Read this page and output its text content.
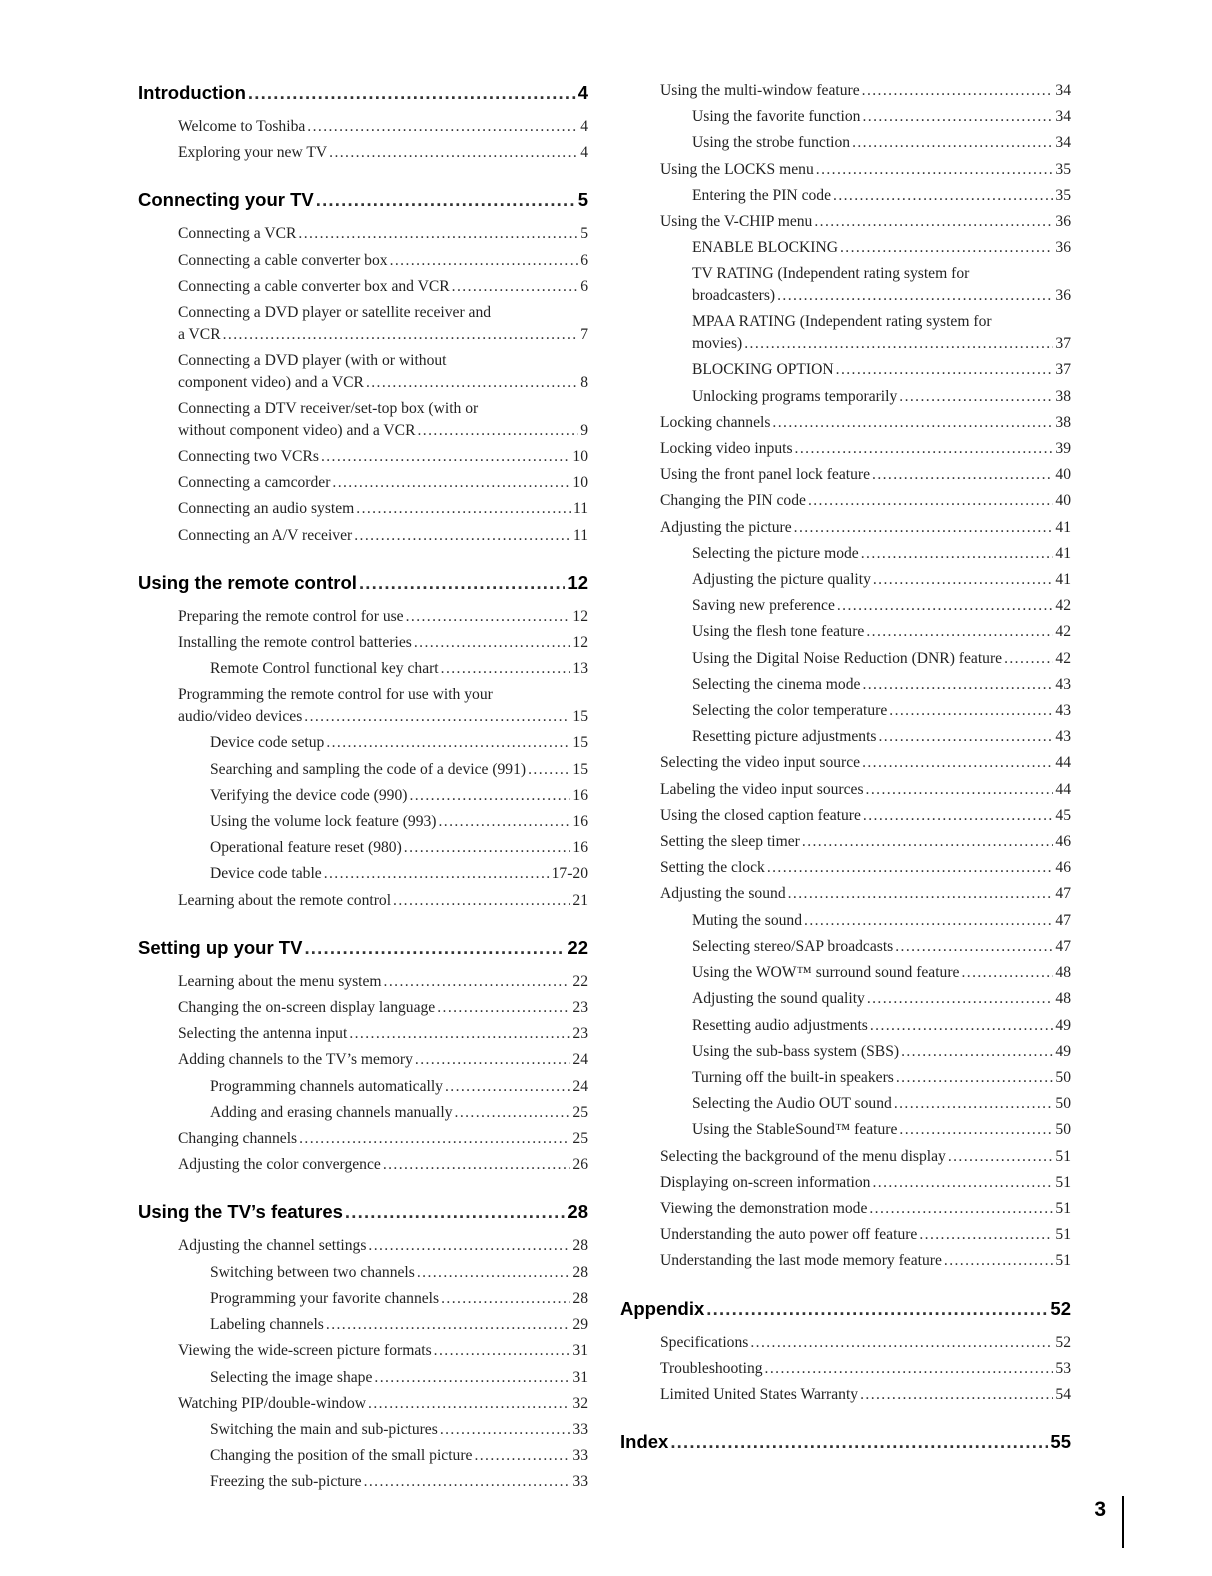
Introduction .....	4
Welcome to Toshiba .....	4
Exploring your new TV .....	4
Connecting your TV .....	5
Connecting a VCR .....	5
Connecting a cable converter box .....	6
Connecting a cable converter box and VCR .....	6
Connecting a DVD player or satellite receiver and
a VCR .....	7
Connecting a DVD player (with or without
component video) and a VCR .....	8
Connecting a DTV receiver/set-top box (with or
without component video) and a VCR .....	9
Connecting two VCRs .....	10
Connecting a camcorder .....	10
Connecting an audio system .....	11
Connecting an A/V receiver .....	11
Using the remote control .....	12
Preparing the remote control for use .....	12
Installing the remote control batteries .....	12
Remote Control functional key chart .....	13
Programming the remote control for use with your
audio/video devices .....	15
Device code setup .....	15
Searching and sampling the code of a device (991) .....	15
Verifying the device code (990) .....	16
Using the volume lock feature (993) .....	16
Operational feature reset (980) .....	16
Device code table .....	17-20
Learning about the remote control .....	21
Setting up your TV .....	22
Learning about the menu system .....	22
Changing the on-screen display language .....	23
Selecting the antenna input .....	23
Adding channels to the TV’s memory .....	24
Programming channels automatically .....	24
Adding and erasing channels manually .....	25
Changing channels .....	25
Adjusting the color convergence .....	26
Using the TV’s features .....	28
Adjusting the channel settings .....	28
Switching between two channels .....	28
Programming your favorite channels .....	28
Labeling channels .....	29
Viewing the wide-screen picture formats .....	31
Selecting the image shape .....	31
Watching PIP/double-window .....	32
Switching the main and sub-pictures .....	33
Changing the position of the small picture .....	33
Freezing the sub-picture .....	33
Using the multi-window feature .....	34
Using the favorite function .....	34
Using the strobe function .....	34
Using the LOCKS menu .....	35
Entering the PIN code .....	35
Using the V-CHIP menu .....	36
ENABLE BLOCKING .....	36
TV RATING (Independent rating system for
broadcasters) .....	36
MPAA RATING (Independent rating system for
movies) .....	37
BLOCKING OPTION .....	37
Unlocking programs temporarily .....	38
Locking channels .....	38
Locking video inputs .....	39
Using the front panel lock feature .....	40
Changing the PIN code .....	40
Adjusting the picture .....	41
Selecting the picture mode .....	41
Adjusting the picture quality .....	41
Saving new preference .....	42
Using the flesh tone feature .....	42
Using the Digital Noise Reduction (DNR) feature .....	42
Selecting the cinema mode .....	43
Selecting the color temperature .....	43
Resetting picture adjustments .....	43
Selecting the video input source .....	44
Labeling the video input sources .....	44
Using the closed caption feature .....	45
Setting the sleep timer .....	46
Setting the clock .....	46
Adjusting the sound .....	47
Muting the sound .....	47
Selecting stereo/SAP broadcasts .....	47
Using the WOW™ surround sound feature .....	48
Adjusting the sound quality .....	48
Resetting audio adjustments .....	49
Using the sub-bass system (SBS) .....	49
Turning off the built-in speakers .....	50
Selecting the Audio OUT sound .....	50
Using the StableSound™ feature .....	50
Selecting the background of the menu display .....	51
Displaying on-screen information .....	51
Viewing the demonstration mode .....	51
Understanding the auto power off feature .....	51
Understanding the last mode memory feature .....	51
Appendix .....	52
Specifications .....	52
Troubleshooting .....	53
Limited United States Warranty .....	54
Index .....	55
3
